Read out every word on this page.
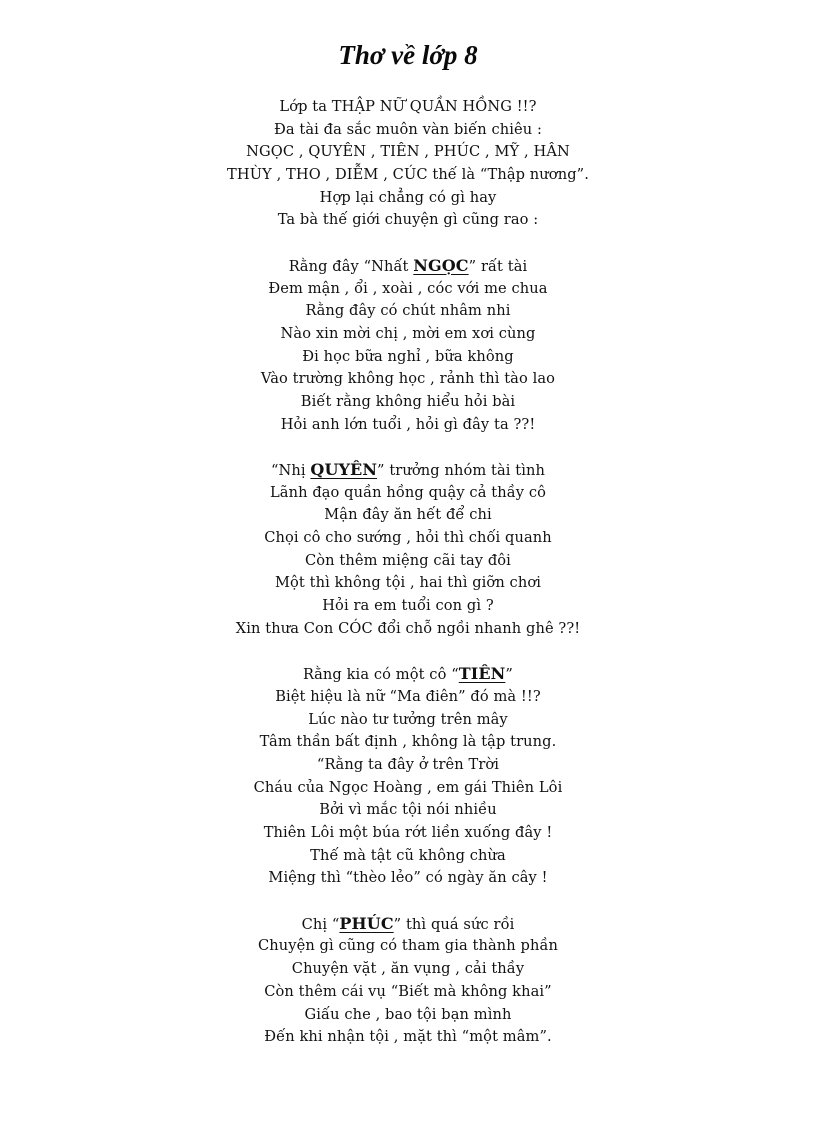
Thơ về lớp 8
Lớp ta THẬP NỮ QUẦN HỒNG !!?
Đa tài đa sắc muôn vàn biến chiêu :
NGỌC , QUYÊN , TIÊN , PHÚC , MỸ , HÂN
THÙY , THO , DIỄM , CÚC thế là “Thập nương”.
Hợp lại chẳng có gì hay
Ta bà thế giới chuyện gì cũng rao :
Rằng đây “Nhất NGỌC” rất tài
Đem mận , ổi , xoài , cóc với me chua
Rằng đây có chút nhâm nhi
Nào xin mời chị , mời em xơi cùng
Đi học bữa nghỉ , bữa không
Vào trường không học , rảnh thì tào lao
Biết rằng không hiểu hỏi bài
Hỏi anh lớn tuổi , hỏi gì đây ta ??!
“Nhị QUYÊN” trưởng nhóm tài tình
Lãnh đạo quần hồng quậy cả thầy cô
Mận đây ăn hết để chi
Chọi cô cho sướng , hỏi thì chối quanh
Còn thêm miệng cãi tay đôi
Một thì không tội , hai thì giỡn chơi
Hỏi ra em tuổi con gì ?
Xin thưa Con CÓC đổi chỗ ngồi nhanh ghê ??!
Rằng kia có một cô “TIÊN”
Biệt hiệu là nữ “Ma điên” đó mà !!?
Lúc nào tư tưởng trên mây
Tâm thần bất định , không là tập trung.
“Rằng ta đây ở trên Trời
Cháu của Ngọc Hoàng , em gái Thiên Lôi
Bởi vì mắc tội nói nhiều
Thiên Lôi một búa rớt liền xuống đây !
Thế mà tật cũ không chừa
Miệng thì “thèo lẻo” có ngày ăn cây !
Chị “PHÚC” thì quá sức rồi
Chuyện gì cũng có tham gia thành phần
Chuyện vặt , ăn vụng , cải thầy
Còn thêm cái vụ “Biết mà không khai”
Giấu che , bao tội bạn mình
Đến khi nhận tội , mặt thì “một mâm”.
